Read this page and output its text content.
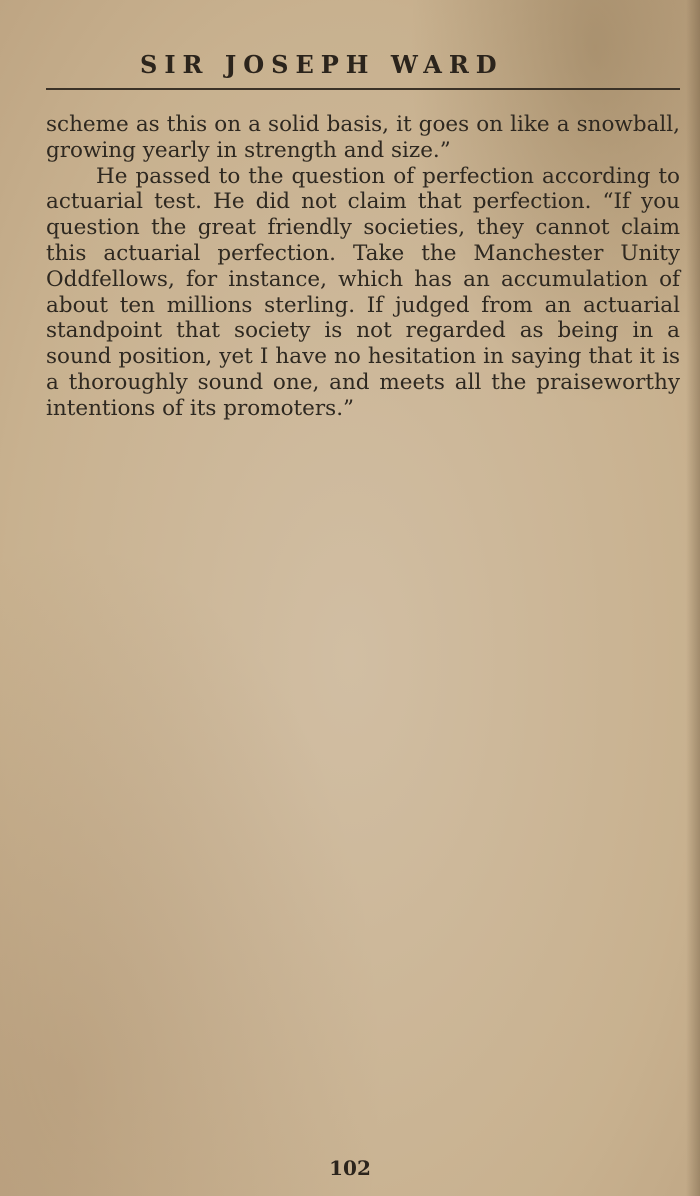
SIR JOSEPH WARD

scheme as this on a solid basis, it goes on like a snowball, growing yearly in strength and size.”

He passed to the question of perfection according to actuarial test. He did not claim that perfection. “If you question the great friendly societies, they cannot claim this actuarial perfection. Take the Manchester Unity Oddfellows, for instance, which has an accumulation of about ten millions sterling. If judged from an actuarial standpoint that society is not regarded as being in a sound position, yet I have no hesitation in saying that it is a thoroughly sound one, and meets all the praiseworthy intentions of its promoters.”

102
